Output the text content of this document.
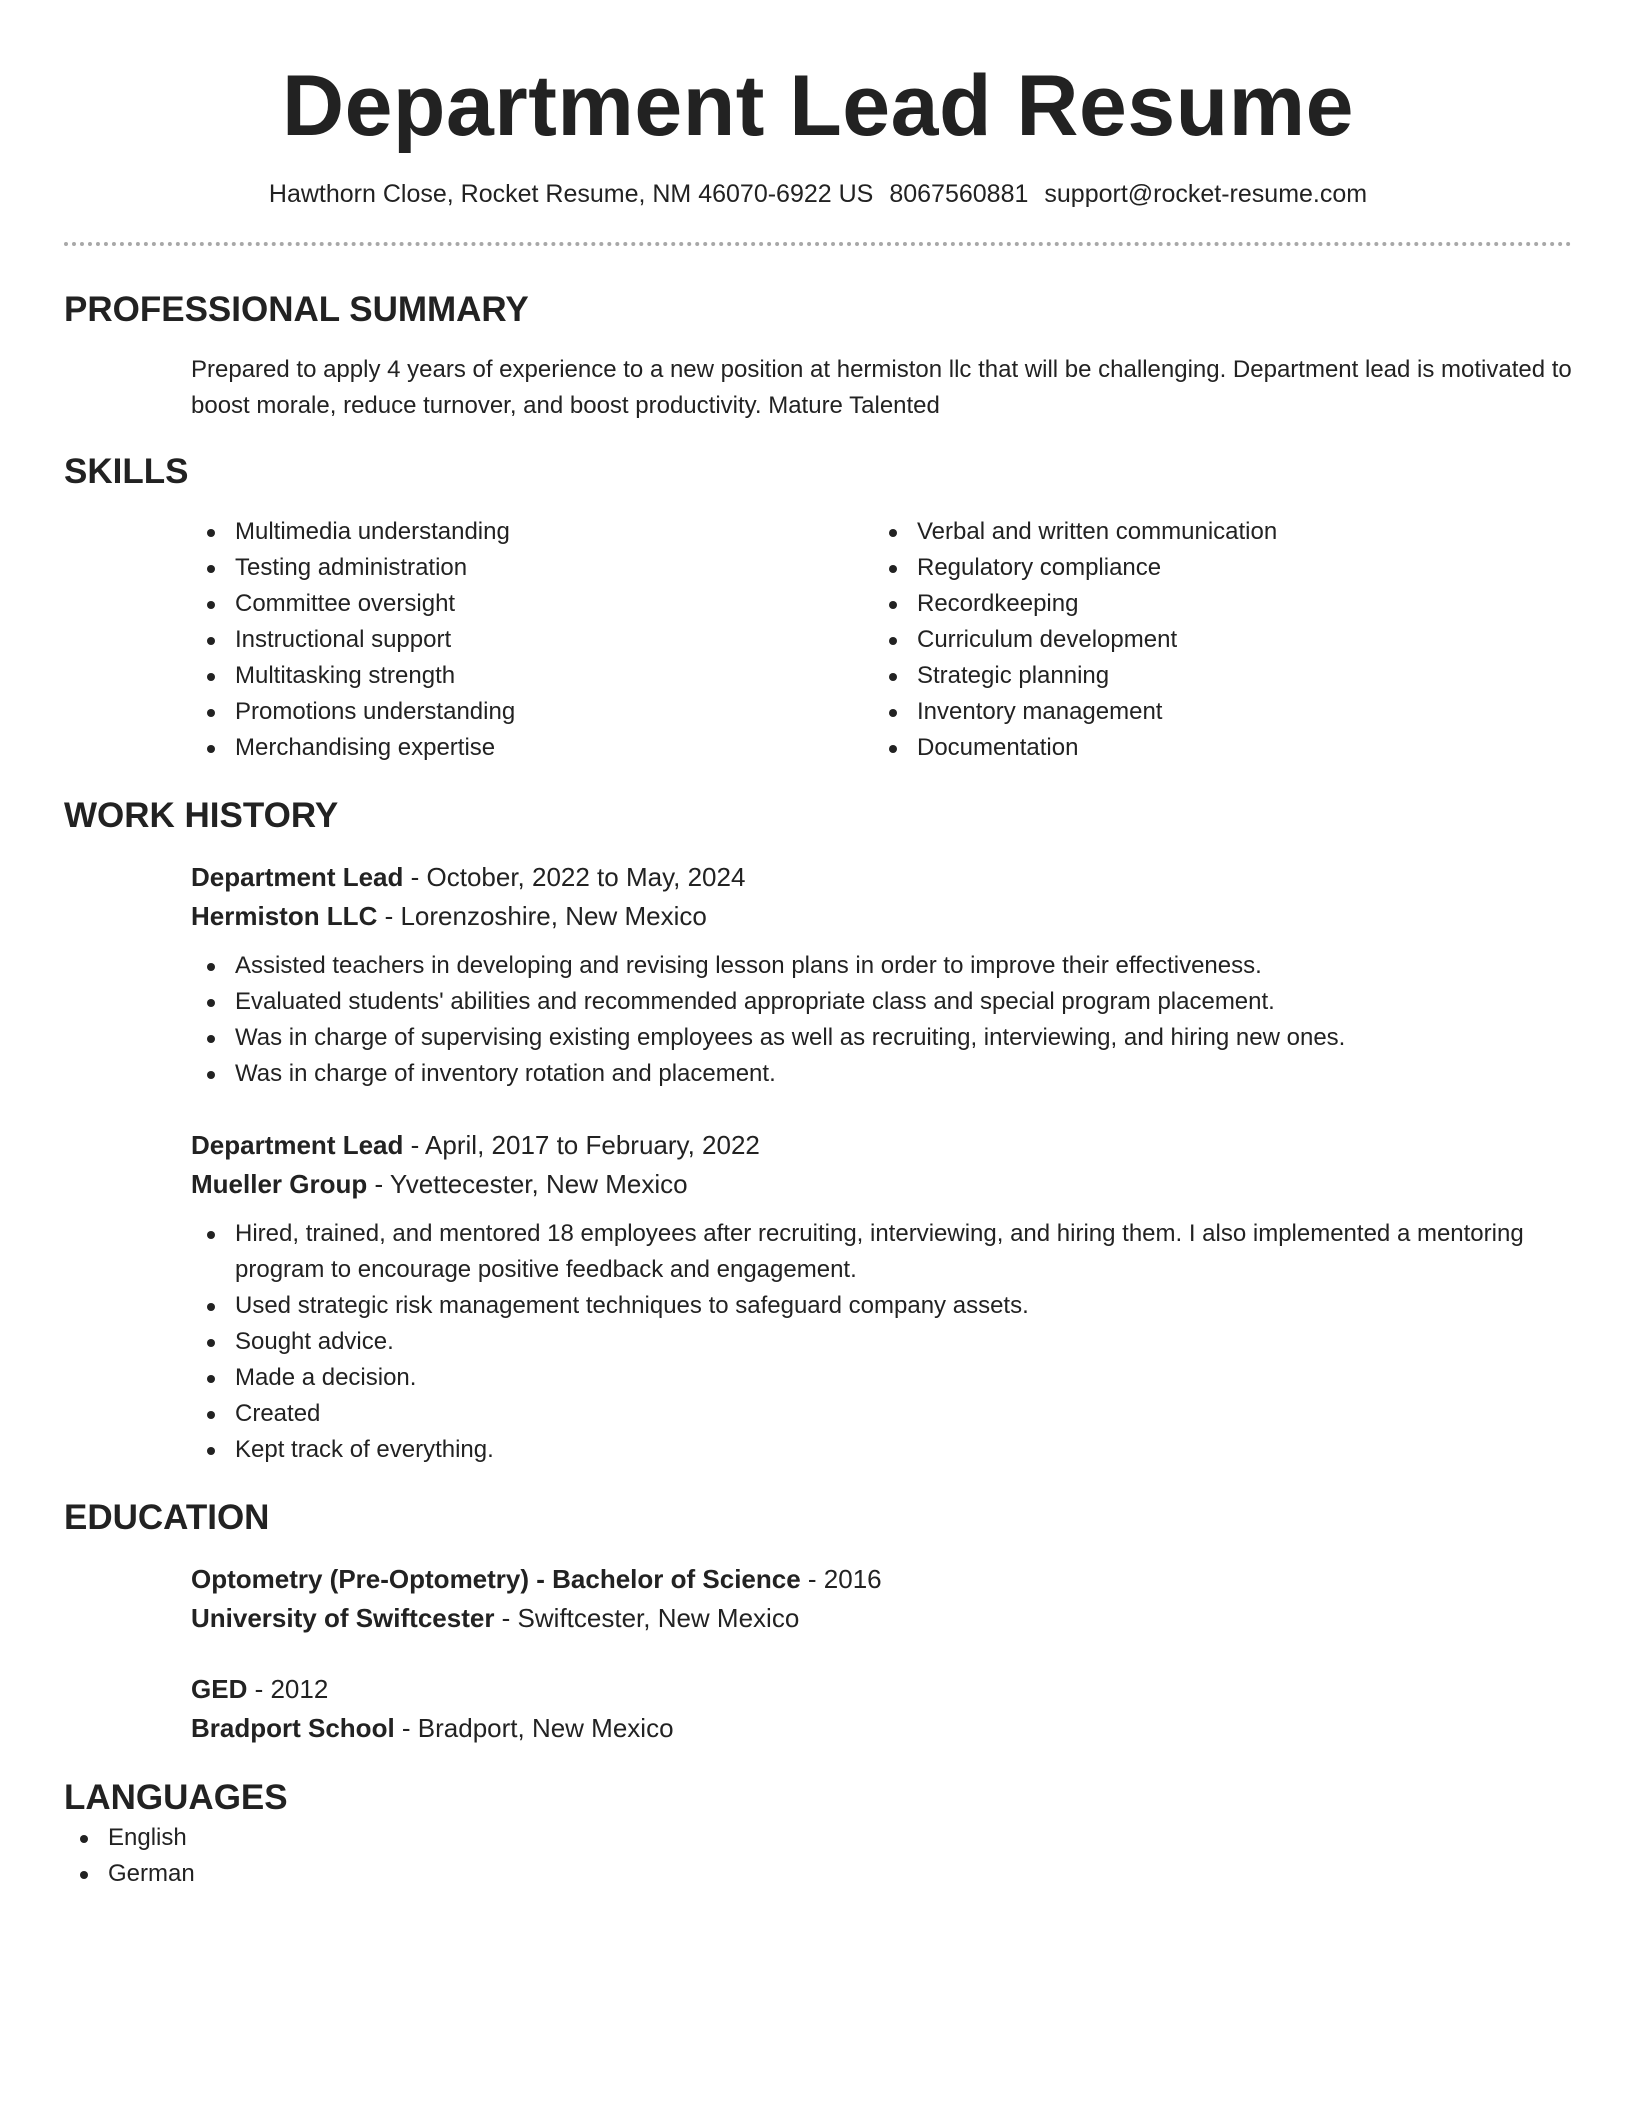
Department Lead Resume
Hawthorn Close, Rocket Resume, NM 46070-6922 US 8067560881 support@rocket-resume.com
PROFESSIONAL SUMMARY

Prepared to apply 4 years of experience to a new position at hermiston llc that will be challenging. Department lead is motivated to boost morale, reduce turnover, and boost productivity. Mature Talented

SKILLS
Multimedia understanding
Testing administration
Committee oversight
Instructional support
Multitasking strength
Promotions understanding
Merchandising expertise
Verbal and written communication
Regulatory compliance
Recordkeeping
Curriculum development
Strategic planning
Inventory management
Documentation
WORK HISTORY
Department Lead - October, 2022 to May, 2024
Hermiston LLC - Lorenzoshire, New Mexico
Assisted teachers in developing and revising lesson plans in order to improve their effectiveness.
Evaluated students' abilities and recommended appropriate class and special program placement.
Was in charge of supervising existing employees as well as recruiting, interviewing, and hiring new ones.
Was in charge of inventory rotation and placement.
Department Lead - April, 2017 to February, 2022
Mueller Group - Yvettecester, New Mexico
Hired, trained, and mentored 18 employees after recruiting, interviewing, and hiring them. I also implemented a mentoring program to encourage positive feedback and engagement.
Used strategic risk management techniques to safeguard company assets.
Sought advice.
Made a decision.
Created
Kept track of everything.
EDUCATION
Optometry (Pre-Optometry) - Bachelor of Science - 2016
University of Swiftcester - Swiftcester, New Mexico
GED - 2012
Bradport School - Bradport, New Mexico
LANGUAGES
English
German
